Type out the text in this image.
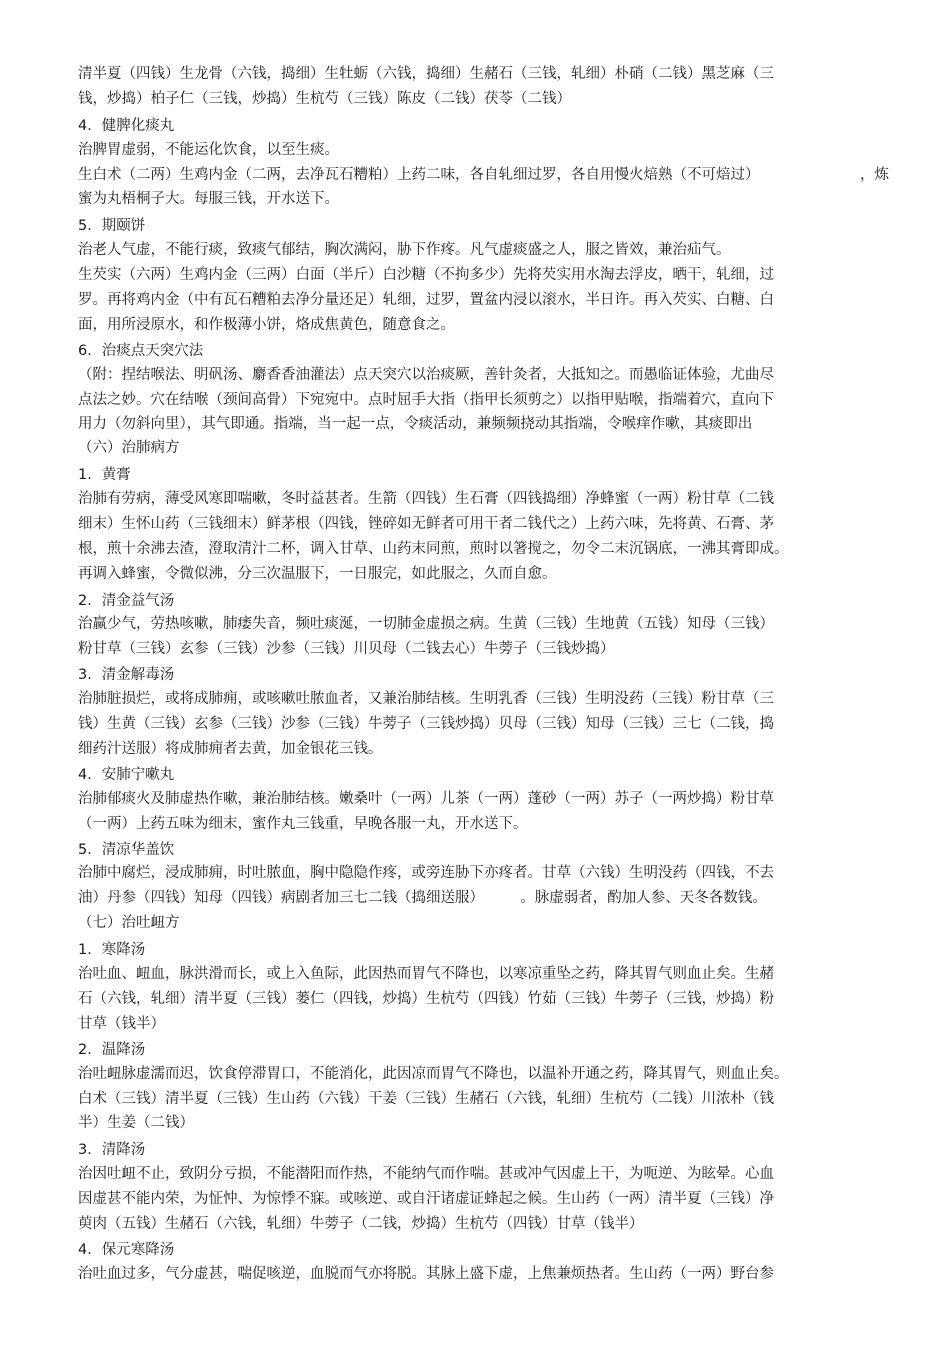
清半夏（四钱）生龙骨（六钱，捣细）生牡蛎（六钱，捣细）生赭石（三钱，轧细）朴硝（二钱）黑芝麻（三

钱，炒捣）柏子仁（三钱，炒捣）生杭芍（三钱）陈皮（二钱）茯苓（二钱）

4．健脾化痰丸

治脾胃虚弱，不能运化饮食，以至生痰。

生白术（二两）生鸡内金（二两，去净瓦石糟粕）上药二味，各自轧细过罗，各自用慢火焙熟（不可焙过）	，炼

蜜为丸梧桐子大。每服三钱，开水送下。

5．期颐饼

治老人气虚，不能行痰，致痰气郁结，胸次满闷，胁下作疼。凡气虚痰盛之人，服之皆效，兼治疝气。

生芡实（六两）生鸡内金（三两）白面（半斤）白沙糖（不拘多少）先将芡实用水淘去浮皮，晒干，轧细，过

罗。再将鸡内金（中有瓦石糟粕去净分量还足）轧细，过罗，置盆内浸以滚水，半日许。再入芡实、白糖、白

面，用所浸原水，和作极薄小饼，烙成焦黄色，随意食之。

6．治痰点天突穴法

（附：捏结喉法、明矾汤、麝香香油灌法）点天突穴以治痰厥，善针灸者，大抵知之。而愚临证体验，尤曲尽

点法之妙。穴在结喉（颈间高骨）下宛宛中。点时屈手大指（指甲长须剪之）以指甲贴喉，指端着穴，直向下

用力（勿斜向里），其气即通。指端，当一起一点，令痰活动，兼频频挠动其指端，令喉痒作嗽，其痰即出

（六）治肺病方

1．黄膏

治肺有劳病，薄受风寒即喘嗽，冬时益甚者。生箭（四钱）生石膏（四钱捣细）净蜂蜜（一两）粉甘草（二钱

细末）生怀山药（三钱细末）鲜茅根（四钱，锉碎如无鲜者可用干者二钱代之）上药六味，先将黄、石膏、茅

根，煎十余沸去渣，澄取清汁二杯，调入甘草、山药末同煎，煎时以箸搅之，勿令二末沉锅底，一沸其膏即成。

再调入蜂蜜，令微似沸，分三次温服下，一日服完，如此服之，久而自愈。

2．清金益气汤

治赢少气，劳热咳嗽，肺痿失音，频吐痰涎，一切肺金虚损之病。生黄（三钱）生地黄（五钱）知母（三钱）

粉甘草（三钱）玄参（三钱）沙参（三钱）川贝母（二钱去心）牛蒡子（三钱炒捣）

3．清金解毒汤

治肺脏损烂，或将成肺痈，或咳嗽吐脓血者，又兼治肺结核。生明乳香（三钱）生明没药（三钱）粉甘草（三

钱）生黄（三钱）玄参（三钱）沙参（三钱）牛蒡子（三钱炒捣）贝母（三钱）知母（三钱）三七（二钱，捣

细药汁送服）将成肺痈者去黄，加金银花三钱。

4．安肺宁嗽丸

治肺郁痰火及肺虚热作嗽，兼治肺结核。嫩桑叶（一两）儿茶（一两）蓬砂（一两）苏子（一两炒捣）粉甘草

（一两）上药五味为细末，蜜作丸三钱重，早晚各服一丸，开水送下。

5．清凉华盖饮

治肺中腐烂，浸成肺痈，时吐脓血，胸中隐隐作疼，或旁连胁下亦疼者。甘草（六钱）生明没药（四钱，不去

油）丹参（四钱）知母（四钱）病剧者加三七二钱（捣细送服）　　　。脉虚弱者，酌加人参、天冬各数钱。

（七）治吐衄方

1．寒降汤

治吐血、衄血，脉洪滑而长，或上入鱼际，此因热而胃气不降也，以寒凉重坠之药，降其胃气则血止矣。生赭

石（六钱，轧细）清半夏（三钱）蒌仁（四钱，炒捣）生杭芍（四钱）竹茹（三钱）牛蒡子（三钱，炒捣）粉

甘草（钱半）

2．温降汤

治吐衄脉虚濡而迟，饮食停滞胃口，不能消化，此因凉而胃气不降也，以温补开通之药，降其胃气，则血止矣。

白术（三钱）清半夏（三钱）生山药（六钱）干姜（三钱）生赭石（六钱，轧细）生杭芍（二钱）川浓朴（钱

半）生姜（二钱）

3．清降汤

治因吐衄不止，致阴分亏损，不能潜阳而作热，不能纳气而作喘。甚或冲气因虚上干，为呃逆、为眩晕。心血

因虚甚不能内荣，为怔忡、为惊悸不寐。或咳逆、或自汗诸虚证蜂起之候。生山药（一两）清半夏（三钱）净

萸肉（五钱）生赭石（六钱，轧细）牛蒡子（二钱，炒捣）生杭芍（四钱）甘草（钱半）

4．保元寒降汤

治吐血过多，气分虚甚，喘促咳逆，血脱而气亦将脱。其脉上盛下虚，上焦兼烦热者。生山药（一两）野台参
